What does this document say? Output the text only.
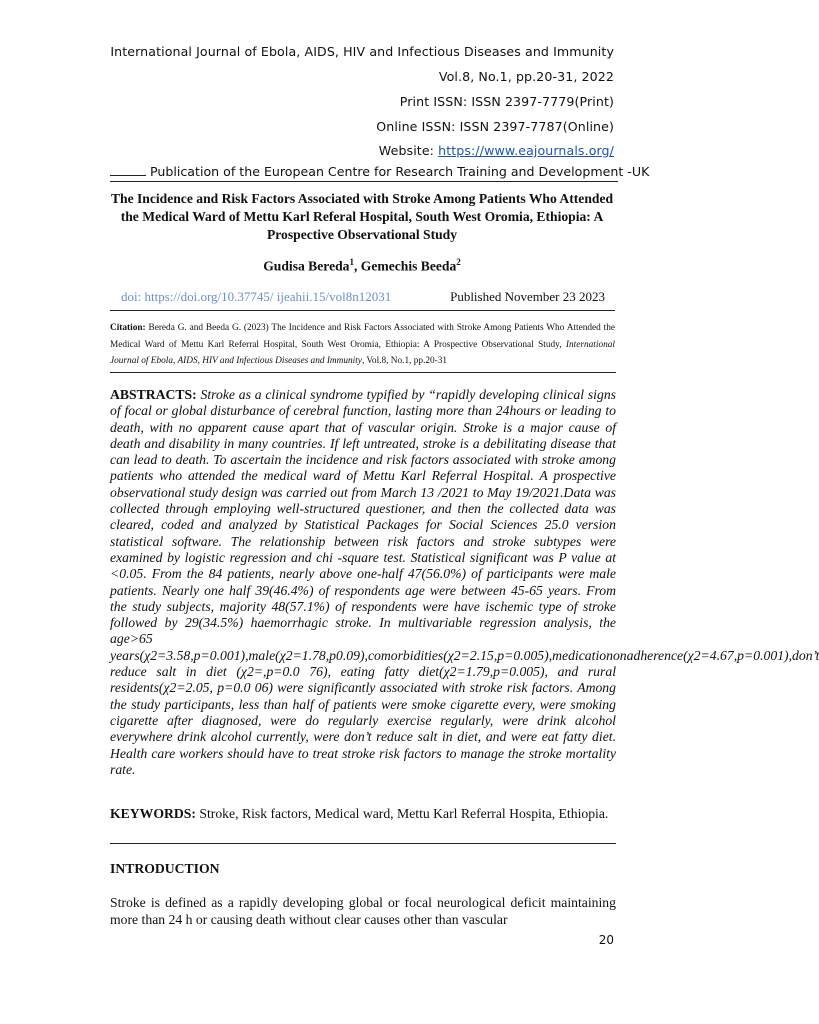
International Journal of Ebola, AIDS, HIV and Infectious Diseases and Immunity
Vol.8, No.1, pp.20-31, 2022
Print ISSN: ISSN 2397-7779(Print)
Online ISSN: ISSN 2397-7787(Online)
Website: https://www.eajournals.org/
Publication of the European Centre for Research Training and Development -UK
The Incidence and Risk Factors Associated with Stroke Among Patients Who Attended the Medical Ward of Mettu Karl Referal Hospital, South West Oromia, Ethiopia: A Prospective Observational Study
Gudisa Bereda$^1$, Gemechis Beeda$^2$
doi: https://doi.org/10.37745/ ijeahii.15/vol8n12031	Published November 23 2023
Citation: Bereda G. and Beeda G. (2023) The Incidence and Risk Factors Associated with Stroke Among Patients Who Attended the Medical Ward of Mettu Karl Referral Hospital, South West Oromia, Ethiopia: A Prospective Observational Study, International Journal of Ebola, AIDS, HIV and Infectious Diseases and Immunity, Vol.8, No.1, pp.20-31
ABSTRACTS: Stroke as a clinical syndrome typified by “rapidly developing clinical signs of focal or global disturbance of cerebral function, lasting more than 24hours or leading to death, with no apparent cause apart that of vascular origin. Stroke is a major cause of death and disability in many countries. If left untreated, stroke is a debilitating disease that can lead to death. To ascertain the incidence and risk factors associated with stroke among patients who attended the medical ward of Mettu Karl Referral Hospital. A prospective observational study design was carried out from March 13 /2021 to May 19/2021.Data was collected through employing well-structured questioner, and then the collected data was cleared, coded and analyzed by Statistical Packages for Social Sciences 25.0 version statistical software. The relationship between risk factors and stroke subtypes were examined by logistic regression and chi -square test. Statistical significant was P value at <0.05. From the 84 patients, nearly above one-half 47(56.0%) of participants were male patients. Nearly one half 39(46.4%) of respondents age were between 45-65 years. From the study subjects, majority 48(57.1%) of respondents were have ischemic type of stroke followed by 29(34.5%) haemorrhagic stroke. In multivariable regression analysis, the age>65 years(χ2=3.58,p=0.001),male(χ2=1.78,p0.09),comorbidities(χ2=2.15,p=0.005),medicationonadherence(χ2=4.67,p=0.001),don’t reduce salt in diet (χ2=,p=0.0 76), eating fatty diet(χ2=1.79,p=0.005), and rural residents(χ2=2.05, p=0.0 06) were significantly associated with stroke risk factors. Among the study participants, less than half of patients were smoke cigarette every, were smoking cigarette after diagnosed, were do regularly exercise regularly, were drink alcohol everywhere drink alcohol currently, were don’t reduce salt in diet, and were eat fatty diet. Health care workers should have to treat stroke risk factors to manage the stroke mortality rate.
KEYWORDS: Stroke, Risk factors, Medical ward, Mettu Karl Referral Hospita, Ethiopia.
INTRODUCTION
Stroke is defined as a rapidly developing global or focal neurological deficit maintaining more than 24 h or causing death without clear causes other than vascular
20
